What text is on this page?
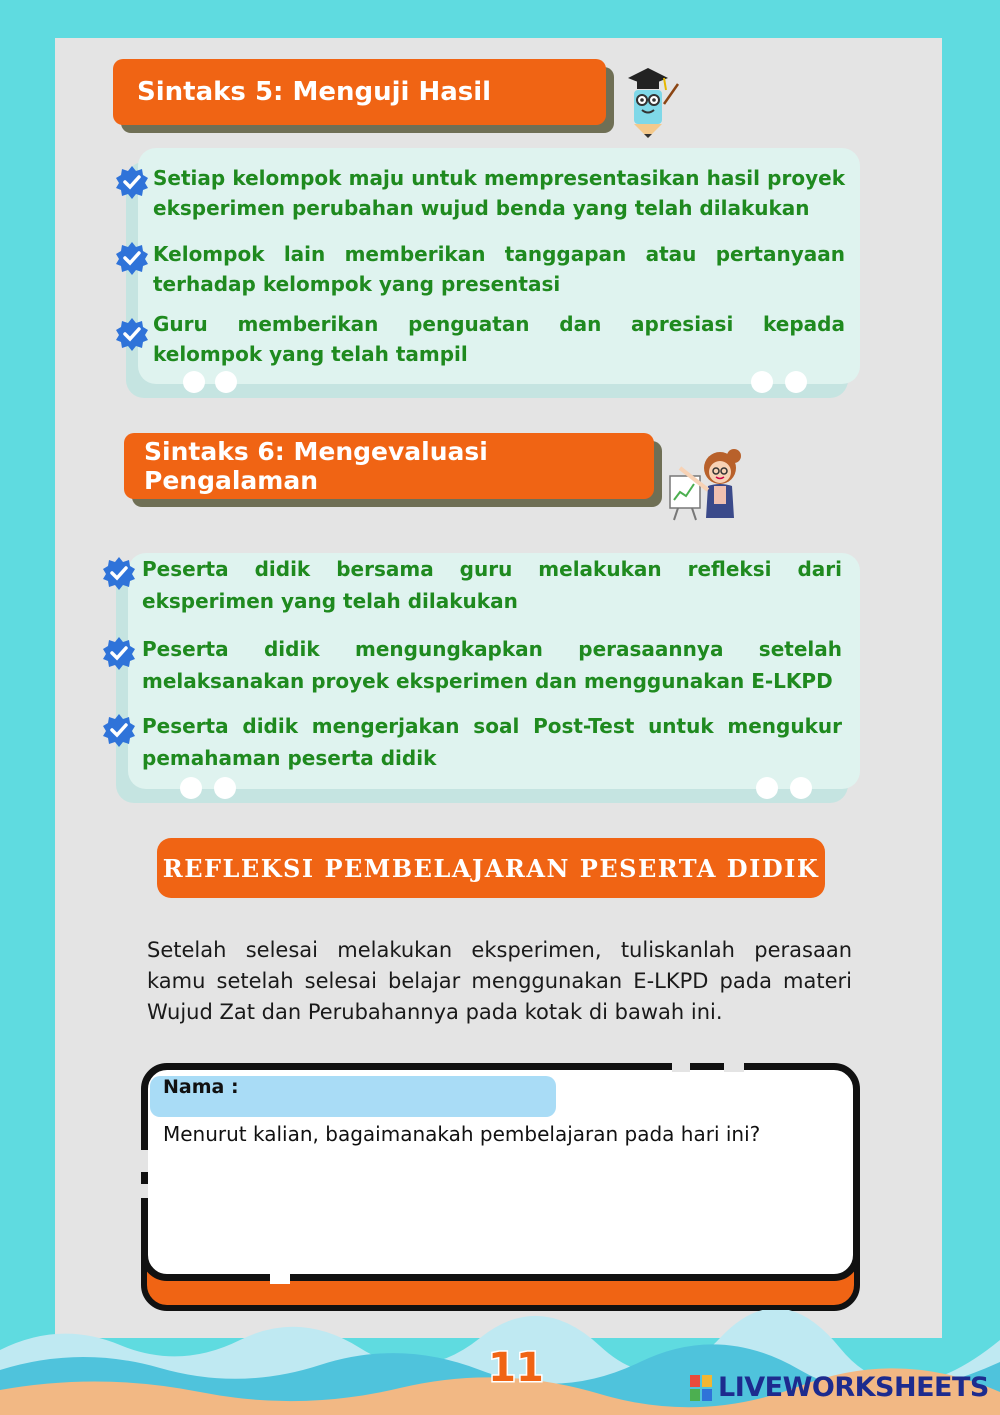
Sintaks 5: Menguji Hasil
Setiap kelompok maju untuk mempresentasikan hasil proyek eksperimen perubahan wujud benda yang telah dilakukan
Kelompok lain memberikan tanggapan atau pertanyaan terhadap kelompok yang presentasi
Guru memberikan penguatan dan apresiasi kepada kelompok yang telah tampil
Sintaks 6: Mengevaluasi Pengalaman
Peserta didik bersama guru melakukan refleksi dari eksperimen yang telah dilakukan
Peserta didik mengungkapkan perasaannya setelah melaksanakan proyek eksperimen dan menggunakan E-LKPD
Peserta didik mengerjakan soal Post-Test untuk mengukur pemahaman peserta didik
REFLEKSI PEMBELAJARAN PESERTA DIDIK
Setelah selesai melakukan eksperimen, tuliskanlah perasaan kamu setelah selesai belajar menggunakan E-LKPD pada materi Wujud Zat dan Perubahannya pada kotak di bawah ini.
Nama :
Menurut kalian, bagaimanakah pembelajaran pada hari ini?
11	LIVEWORKSHEETS
